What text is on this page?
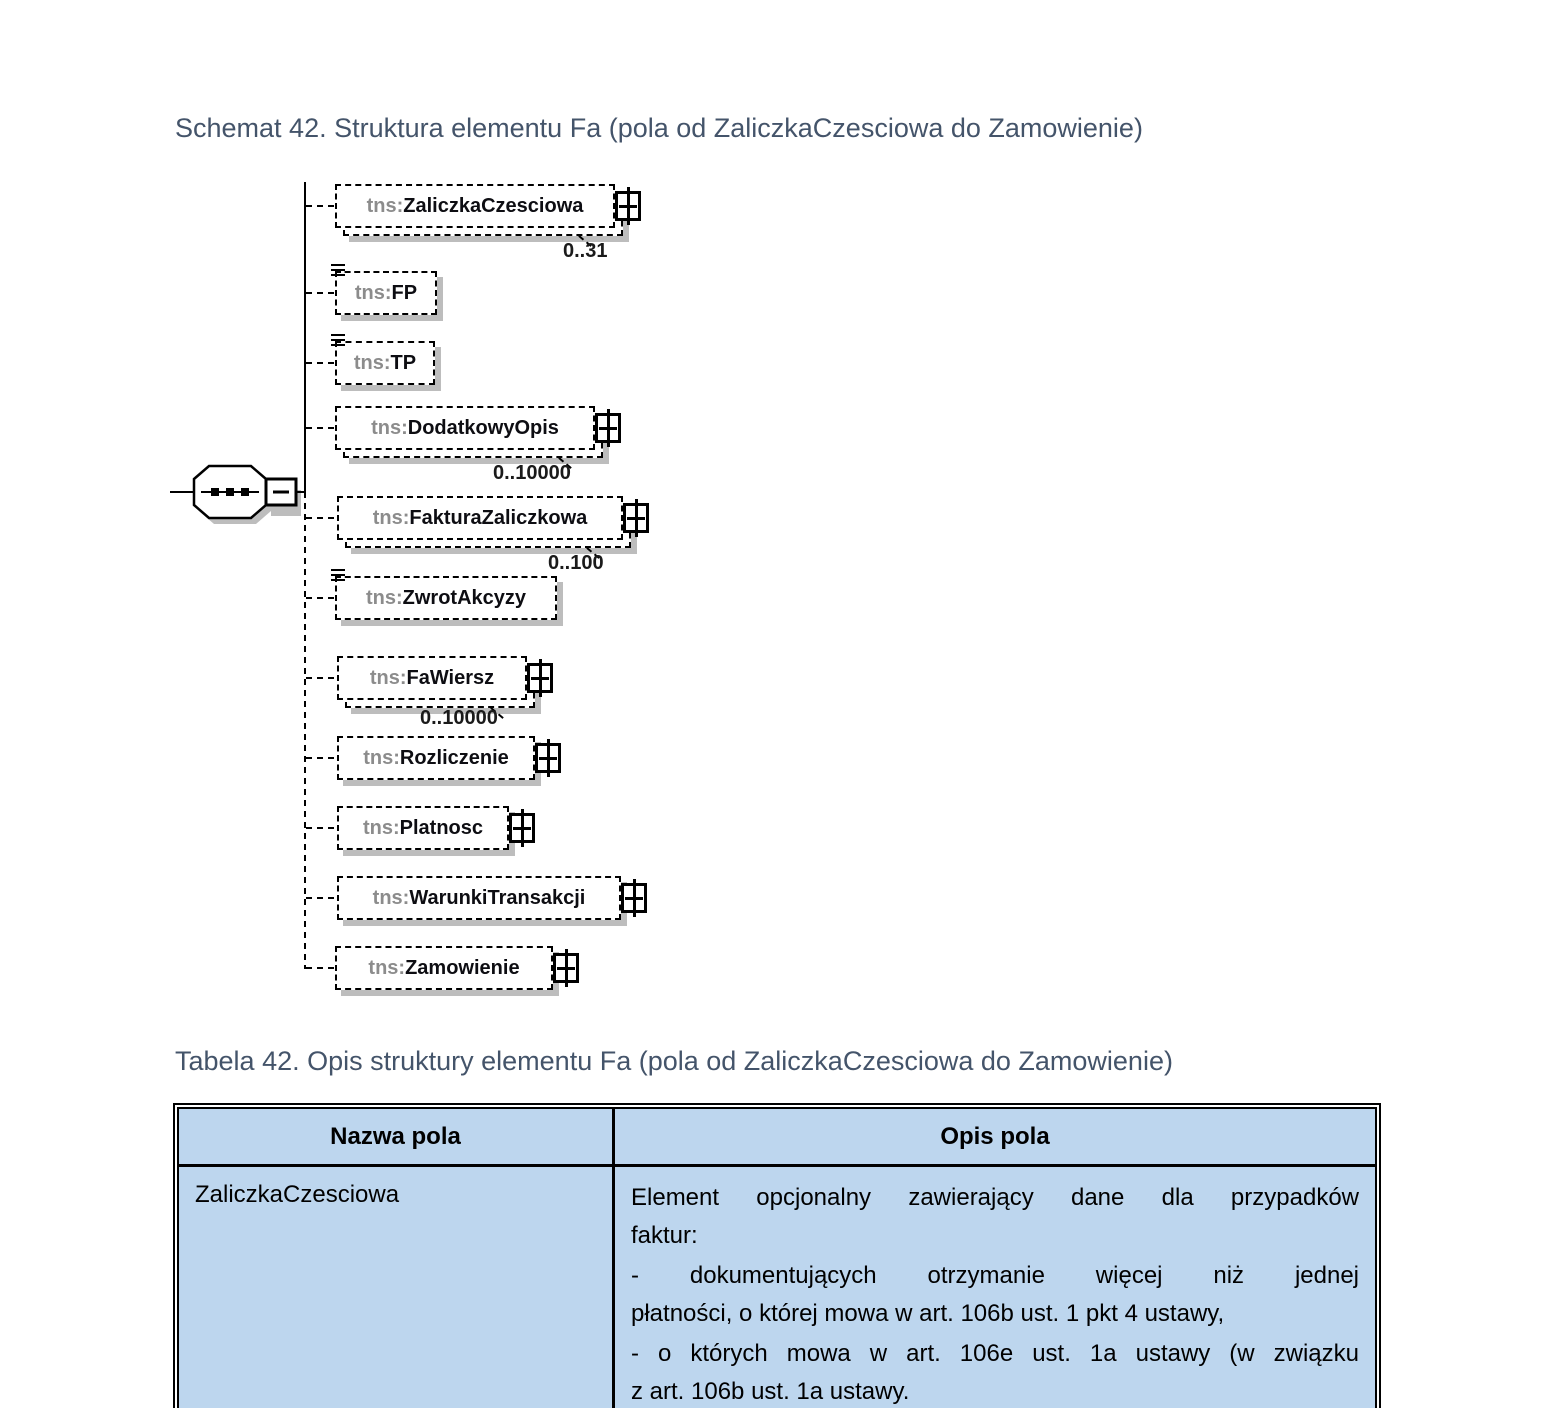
Schemat 42. Struktura elementu Fa (pola od ZaliczkaCzesciowa do Zamowienie)
tns: ZaliczkaCzesciowa
0..31
tns: FP
tns: TP
tns: DodatkowyOpis
0..10000
tns: FakturaZaliczkowa
0..100
tns: ZwrotAkcyzy
tns: FaWiersz
0..10000
tns: Rozliczenie
tns: Platnosc
tns: WarunkiTransakcji
tns: Zamowienie
Tabela 42. Opis struktury elementu Fa (pola od ZaliczkaCzesciowa do Zamowienie)
Nazwa pola	Opis pola
ZaliczkaCzesciowa	Element opcjonalny zawierający dane dla przypadków
faktur:
- dokumentujących otrzymanie więcej niż jednej
płatności, o której mowa w art. 106b ust. 1 pkt 4 ustawy,
- o których mowa w art. 106e ust. 1a ustawy (w związku
z art. 106b ust. 1a ustawy.
